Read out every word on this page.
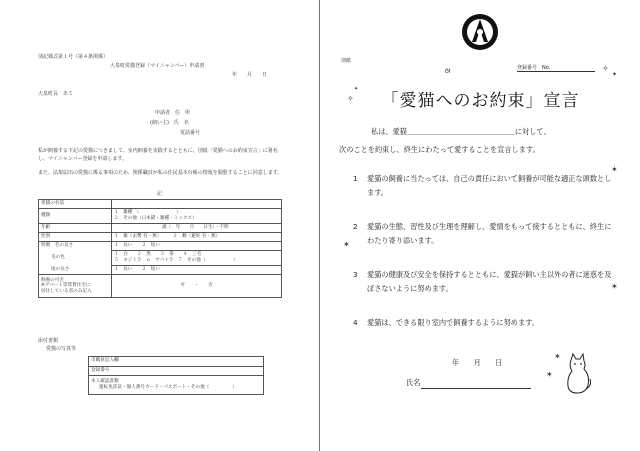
別記様式第１号（第４条関係）
大泉町愛猫登録（マイニャンバー）申請書
年　　月　　日
大泉町長　あて
申請者　住　所
(飼い主)　氏　名
電話番号
私が飼養する下記の愛猫につきまして、室内飼養を実践するとともに、別紙「愛猫へのお約束宣言」に署名し、マイニャンバー登録を申請します。
また、法規届出の愛猫に係る事項のため、関係職員が私の住民基本台帳の情報を閲覧することに同意します。
記
愛猫の名前	
種類	１　雑種　（　　　　　　　　）
２　その他（日本猫・雑種・ミックス）

年齢	歳（　年　　月　　日生）・不明
性別	１　雄（去勢 有・無）　　　２　雌（避妊 有・無）
特徴　毛の長さ	１　長い　　２　短い
毛の色	１　白　　２　黒　　３　茶　　４　三毛
５　キジトラ　６　サバトラ　７　その他（　　　　　　）

尾の長さ	１　長い　　２　短い

飼養の可否
※アパート等賃貸住宅に
居住している者のみ記入	可　　・　　否
添付書類
愛猫の写真等
市職員記入欄
登録番号

本人確認書類
運転免許証・個人番号カード・パスポート・その他（　　　　　）
別紙
登録番号　No.
ᘛ	✧
✦
✧
✦
「愛猫へのお約束」宣言
私は、愛猫＿＿＿＿＿＿＿＿＿＿＿＿＿＿＿に対して、
次のことを約束し、終生にわたって愛することを宣言します。
1 愛猫の飼養に当たっては、自己の責任において飼養が可能な適正な頭数とします。
✶
2 愛猫の生態、習性及び生理を理解し、愛情をもって接するとともに、終生にわたり寄り添います。
✶
3 愛猫の健康及び安全を保持するとともに、愛猫が飼い主以外の者に迷惑を及ぼさないように努めます。	✶
4 愛猫は、できる限り室内で飼養するように努めます。
年　　月　　日
氏名
✶
✶
